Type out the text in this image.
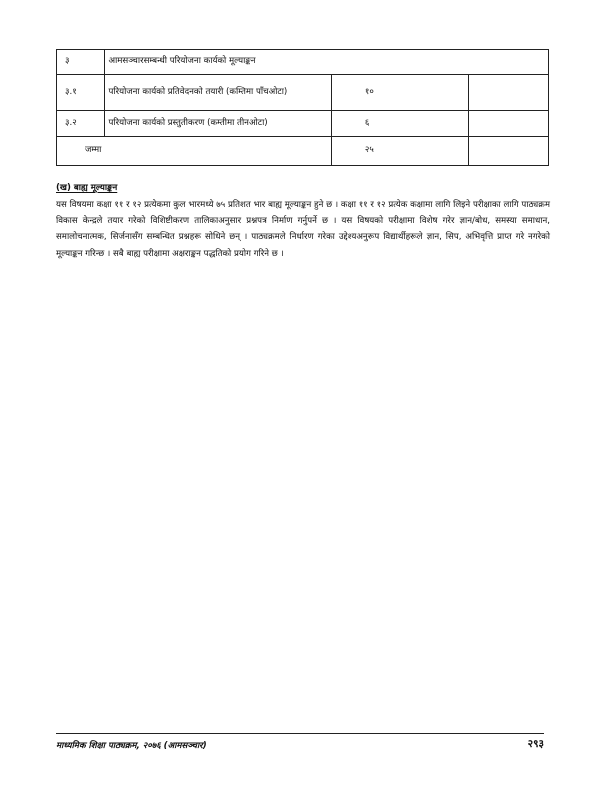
३	आमसञ्चारसम्बन्धी परियोजना कार्यको मूल्याङ्कन		
३.१	परियोजना कार्यको प्रतिवेदनको तयारी (कम्तिमा पाँचओटा)	१०	
३.२	परियोजना कार्यको प्रस्तुतीकरण (कम्तीमा तीनओटा)	६	
जम्मा		२५	
(ख) बाह्य मूल्याङ्कन

यस विषयमा कक्षा ११ र १२ प्रत्येकमा कुल भारमध्ये ७५ प्रतिशत भार बाह्य मूल्याङ्कन हुने छ । कक्षा ११ र १२ प्रत्येक कक्षामा लागि लिइने परीक्षाका लागि पाठ्यक्रम विकास केन्द्रले तयार गरेको विशिष्टीकरण तालिकाअनुसार प्रश्नपत्र निर्माण गर्नुपर्ने छ । यस विषयको परीक्षामा विशेष गरेर ज्ञान/बोध, समस्या समाधान, समालोचनात्मक, सिर्जनासँग सम्बन्धित प्रश्नहरू सोधिने छन् । पाठ्यक्रमले निर्धारण गरेका उद्देश्यअनुरूप विद्यार्थीहरूले ज्ञान, सिप, अभिवृत्ति प्राप्त गरे नगरेको मूल्याङ्कन गरिन्छ । सबै बाह्य परीक्षामा अक्षराङ्कन पद्धतिको प्रयोग गरिने छ ।

माध्यमिक शिक्षा पाठ्यक्रम, २०७६ (आमसञ्चार)	२९३
